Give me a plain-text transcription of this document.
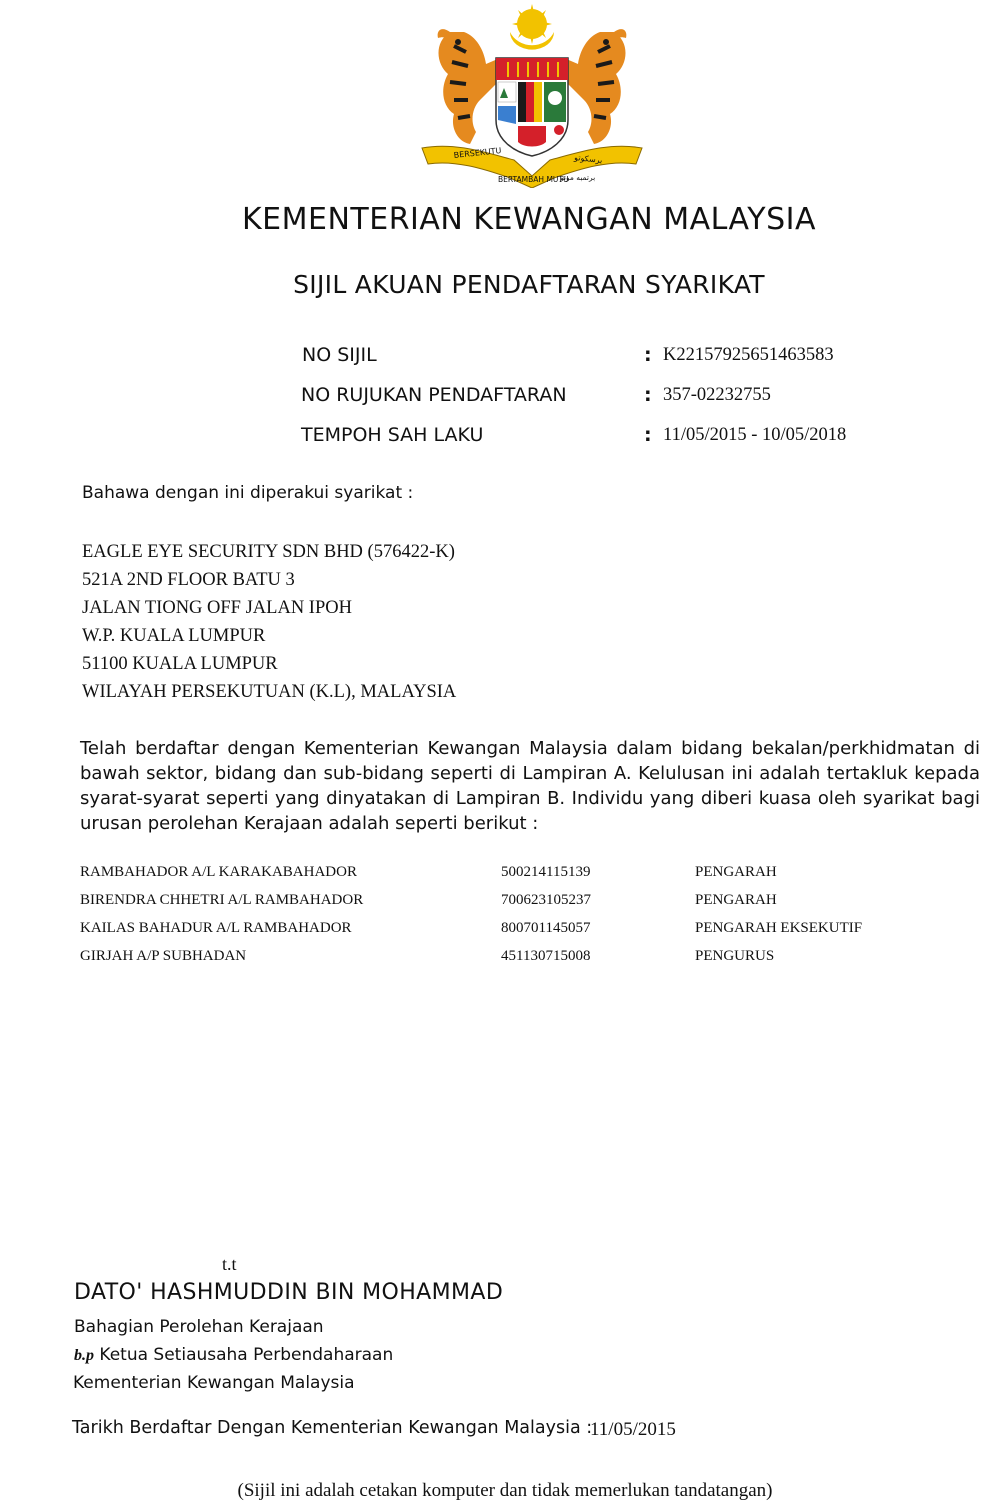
BERSEKUTU
BERTAMBAH MUTU
برسکوتو
برتمبه موتو
KEMENTERIAN KEWANGAN MALAYSIA
SIJIL AKUAN PENDAFTARAN SYARIKAT
NO SIJIL	: K22157925651463583
NO RUJUKAN PENDAFTARAN	: 357-02232755
TEMPOH SAH LAKU	: 11/05/2015 - 10/05/2018
Bahawa dengan ini diperakui syarikat :
EAGLE EYE SECURITY SDN BHD (576422-K)
521A 2ND FLOOR BATU 3
JALAN TIONG OFF JALAN IPOH
W.P. KUALA LUMPUR
51100 KUALA LUMPUR
WILAYAH PERSEKUTUAN (K.L), MALAYSIA
Telah berdaftar dengan Kementerian Kewangan Malaysia dalam bidang bekalan/perkhidmatan di bawah sektor, bidang dan sub-bidang seperti di Lampiran A. Kelulusan ini adalah tertakluk kepada syarat-syarat seperti yang dinyatakan di Lampiran B. Individu yang diberi kuasa oleh syarikat bagi urusan perolehan Kerajaan adalah seperti berikut :
RAMBAHADOR A/L KARAKABAHADOR	500214115139	PENGARAH
BIRENDRA CHHETRI A/L RAMBAHADOR	700623105237	PENGARAH
KAILAS BAHADUR A/L RAMBAHADOR	800701145057	PENGARAH EKSEKUTIF
GIRJAH A/P SUBHADAN	451130715008	PENGURUS
t.t
DATO' HASHMUDDIN BIN MOHAMMAD
Bahagian Perolehan Kerajaan
b.p Ketua Setiausaha Perbendaharaan
Kementerian Kewangan Malaysia
Tarikh Berdaftar Dengan Kementerian Kewangan Malaysia :
11/05/2015
(Sijil ini adalah cetakan komputer dan tidak memerlukan tandatangan)
